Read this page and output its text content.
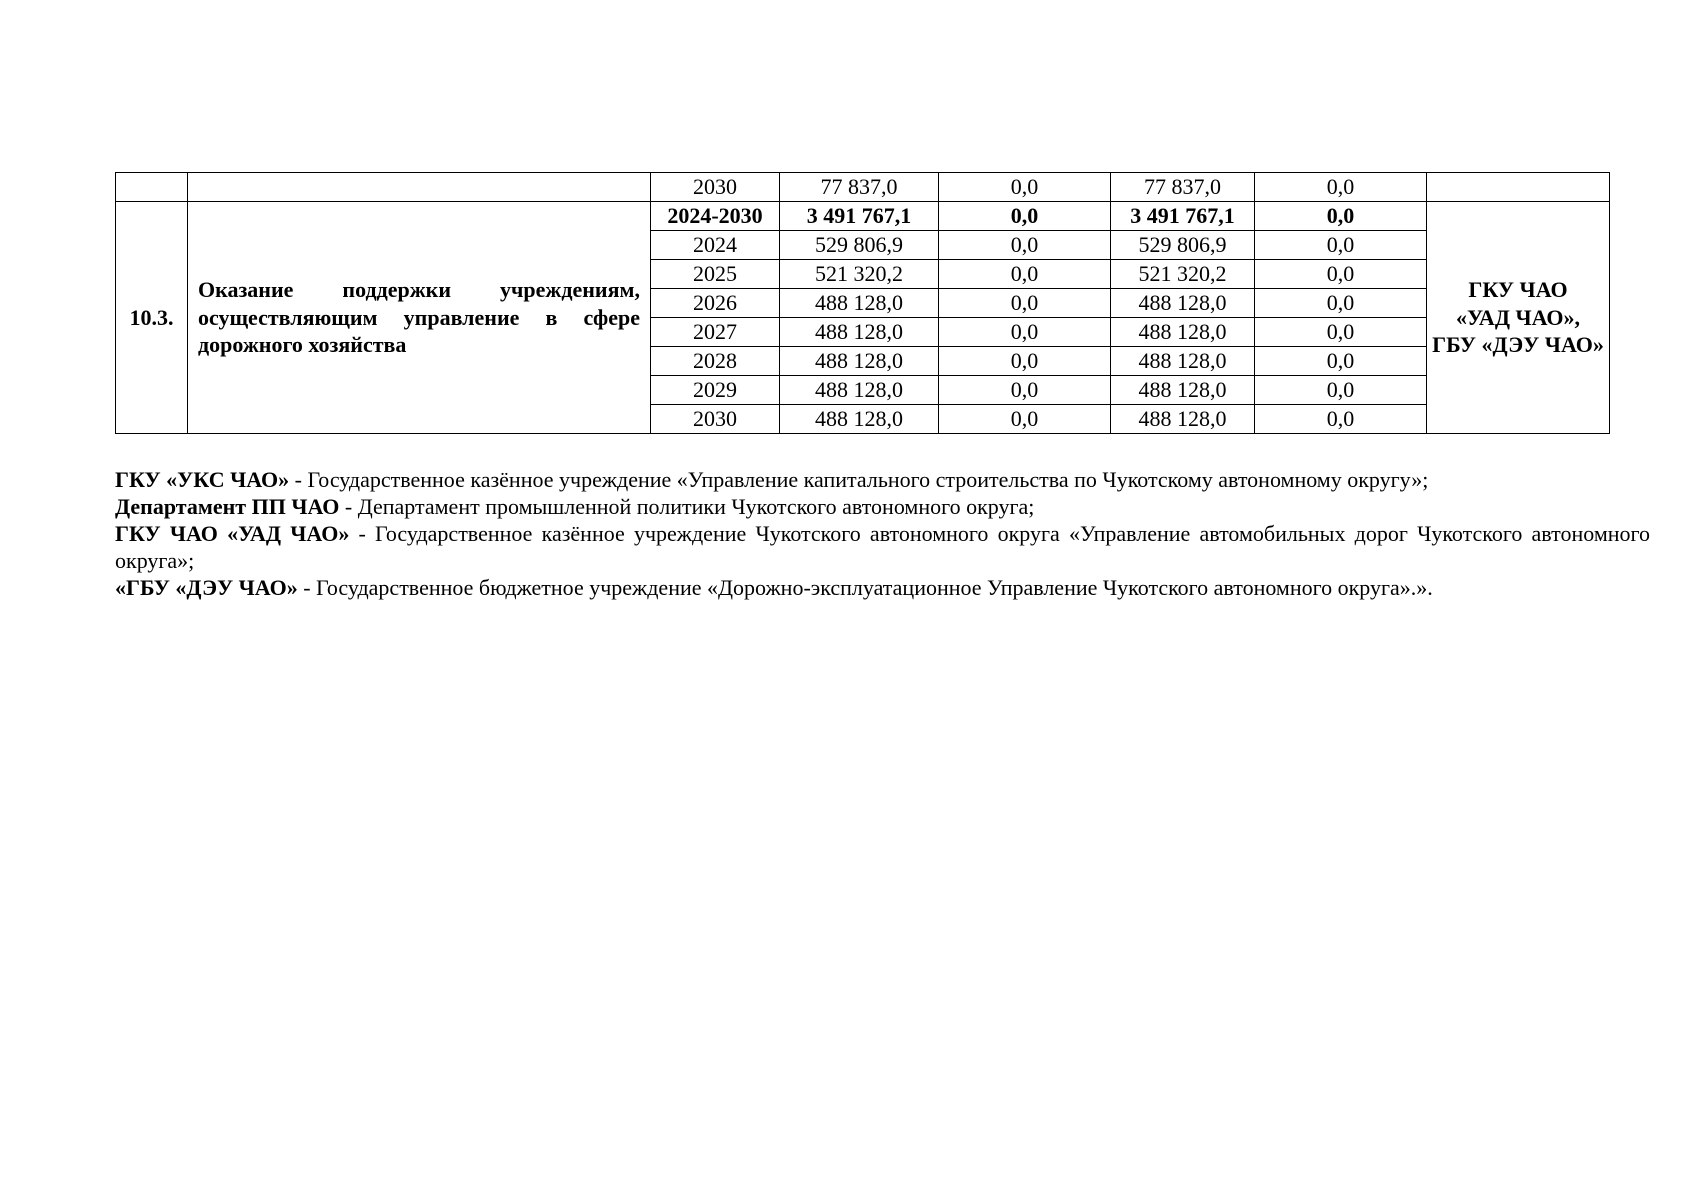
		2030	77 837,0	0,0	77 837,0	0,0	
10.3.	Оказание поддержки учреждениям, осуществляющим управление в сфере дорожного хозяйства	2024-2030	3 491 767,1	0,0	3 491 767,1	0,0	ГКУ ЧАО
«УАД ЧАО»,
ГБУ «ДЭУ ЧАО»
		2024	529 806,9	0,0	529 806,9	0,0	
		2025	521 320,2	0,0	521 320,2	0,0	
		2026	488 128,0	0,0	488 128,0	0,0	
		2027	488 128,0	0,0	488 128,0	0,0	
		2028	488 128,0	0,0	488 128,0	0,0	
		2029	488 128,0	0,0	488 128,0	0,0	
		2030	488 128,0	0,0	488 128,0	0,0	

ГКУ «УКС ЧАО» - Государственное казённое учреждение «Управление капитального строительства по Чукотскому автономному округу»;

Департамент ПП ЧАО - Департамент промышленной политики Чукотского автономного округа;

ГКУ ЧАО «УАД ЧАО» - Государственное казённое учреждение Чукотского автономного округа «Управление автомобильных дорог Чукотского автономного округа»;

«ГБУ «ДЭУ ЧАО» - Государственное бюджетное учреждение «Дорожно-эксплуатационное Управление Чукотского автономного округа».».
